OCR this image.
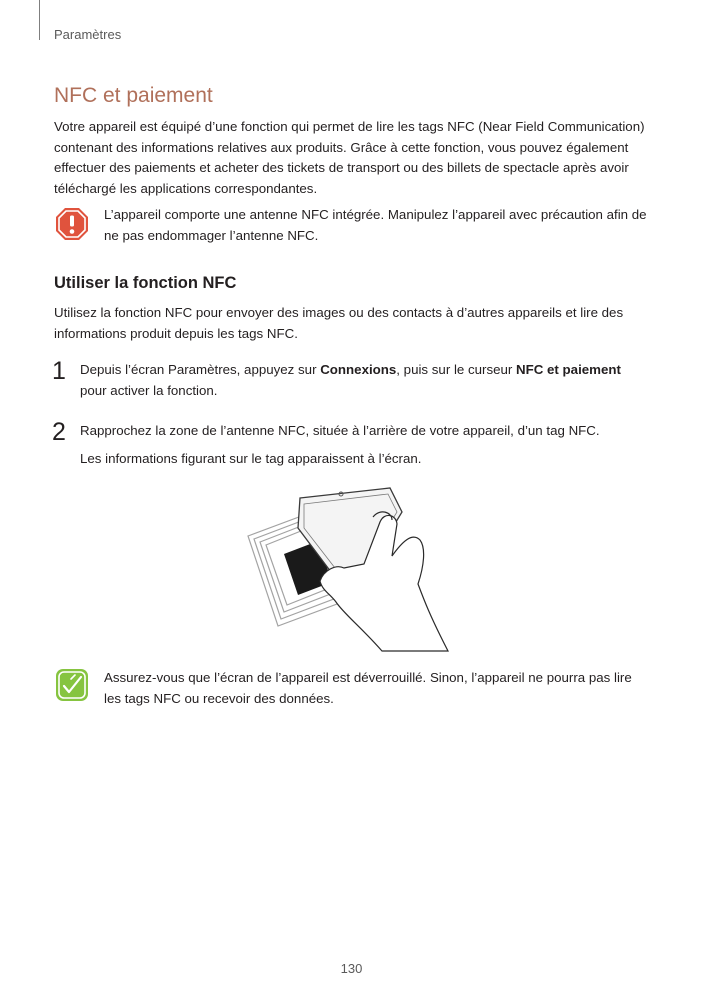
Paramètres
NFC et paiement

Votre appareil est équipé d’une fonction qui permet de lire les tags NFC (Near Field Communication) contenant des informations relatives aux produits. Grâce à cette fonction, vous pouvez également effectuer des paiements et acheter des tickets de transport ou des billets de spectacle après avoir téléchargé les applications correspondantes.

L’appareil comporte une antenne NFC intégrée. Manipulez l’appareil avec précaution afin de ne pas endommager l’antenne NFC.

Utiliser la fonction NFC

Utilisez la fonction NFC pour envoyer des images ou des contacts à d’autres appareils et lire des informations produit depuis les tags NFC.

1 Depuis l’écran Paramètres, appuyez sur Connexions, puis sur le curseur NFC et paiement pour activer la fonction.

2 Rapprochez la zone de l’antenne NFC, située à l’arrière de votre appareil, d’un tag NFC.

Les informations figurant sur le tag apparaissent à l’écran.

Assurez-vous que l’écran de l’appareil est déverrouillé. Sinon, l’appareil ne pourra pas lire les tags NFC ou recevoir des données.

130
